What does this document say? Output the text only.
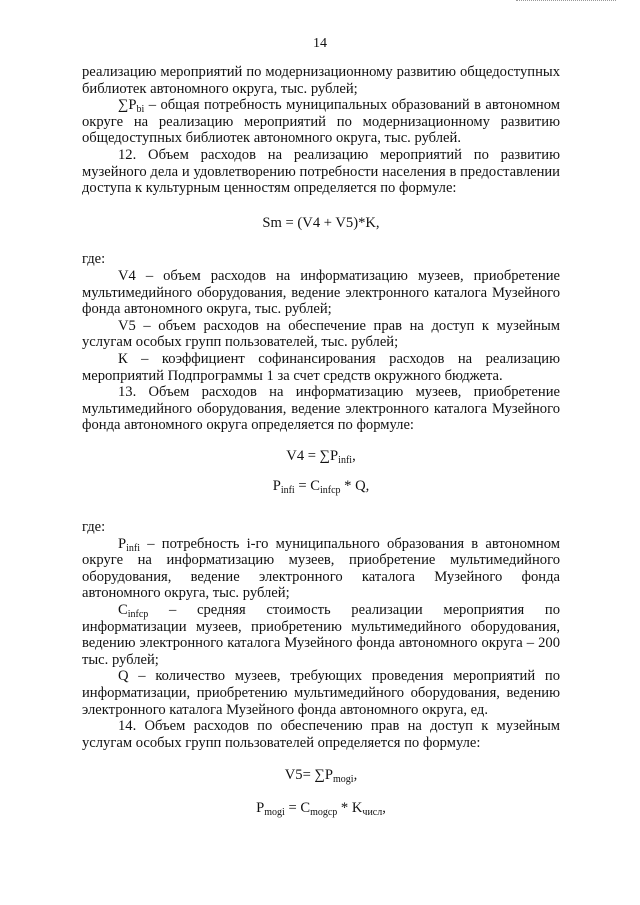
14

реализацию мероприятий по модернизационному развитию общедоступных библиотек автономного округа, тыс. рублей;

$\sum P_{bi}$ – общая потребность муниципальных образований в автономном округе на реализацию мероприятий по модернизационному развитию общедоступных библиотек автономного округа, тыс. рублей.

12. Объем расходов на реализацию мероприятий по развитию музейного дела и удовлетворению потребности населения в предоставлении доступа к культурным ценностям определяется по формуле:

Sm = (V4 + V5)*K,

где:

V4 – объем расходов на информатизацию музеев, приобретение мультимедийного оборудования, ведение электронного каталога Музейного фонда автономного округа, тыс. рублей;

V5 – объем расходов на обеспечение прав на доступ к музейным услугам особых групп пользователей, тыс. рублей;

К – коэффициент софинансирования расходов на реализацию мероприятий Подпрограммы 1 за счет средств окружного бюджета.

13. Объем расходов на информатизацию музеев, приобретение мультимедийного оборудования, ведение электронного каталога Музейного фонда автономного округа определяется по формуле:

$V4 = \sum P_{infi}$,

$P_{infi} = C_{infcp} * Q$,

где:

$P_{infi}$ – потребность i-го муниципального образования в автономном округе на информатизацию музеев, приобретение мультимедийного оборудования, ведение электронного каталога Музейного фонда автономного округа, тыс. рублей;

$C_{infcp}$ – средняя стоимость реализации мероприятия по информатизации музеев, приобретению мультимедийного оборудования, ведению электронного каталога Музейного фонда автономного округа – 200 тыс. рублей;

Q – количество музеев, требующих проведения мероприятий по информатизации, приобретению мультимедийного оборудования, ведению электронного каталога Музейного фонда автономного округа, ед.

14. Объем расходов по обеспечению прав на доступ к музейным услугам особых групп пользователей определяется по формуле:

$V5= \sum P_{mogi}$,

$P_{mogi} = C_{mogcp} * K_{числ}$,
